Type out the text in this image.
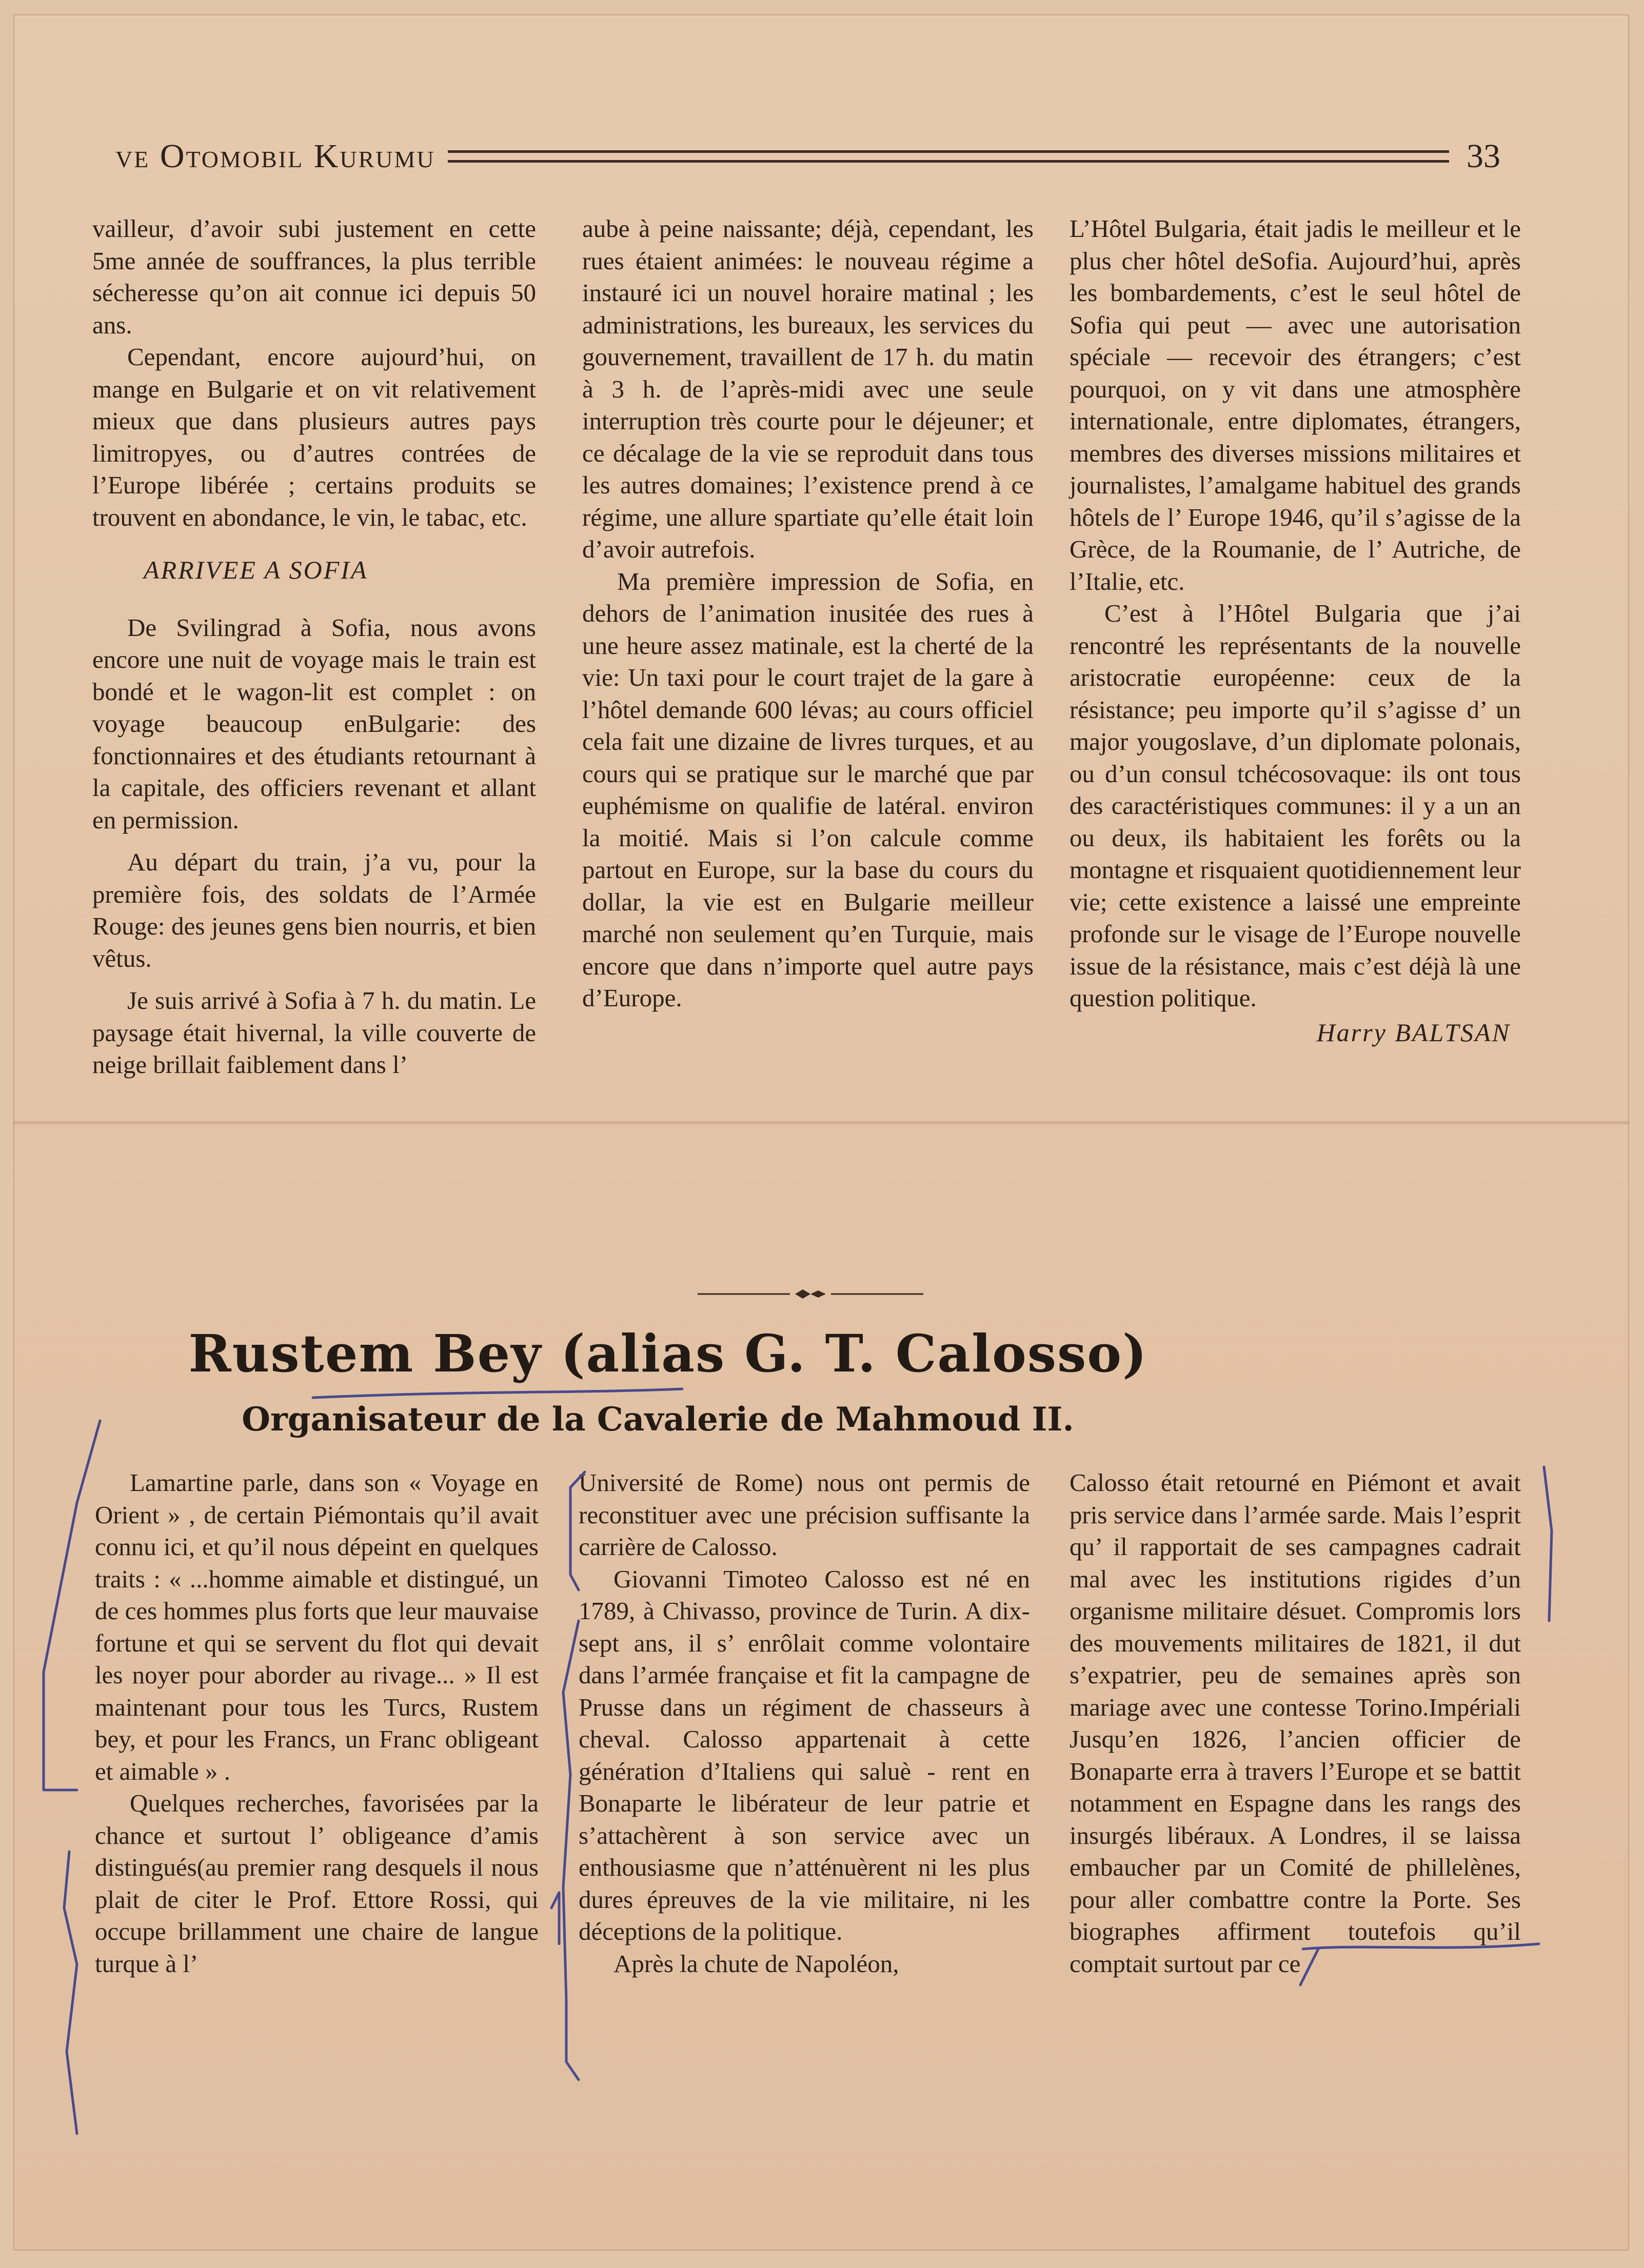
ve Otomobil Kurumu	33

vailleur, d’avoir subi justement en cette 5me année de souffrances, la plus terrible sécheresse qu’on ait connue ici depuis 50 ans.

Cependant, encore aujourd’hui, on mange en Bulgarie et on vit relativement mieux que dans plusieurs autres pays limitropyes, ou d’autres contrées de l’Europe libérée ; certains produits se trouvent en abondance, le vin, le tabac, etc.

ARRIVEE A SOFIA

De Svilingrad à Sofia, nous avons encore une nuit de voyage mais le train est bondé et le wagon-lit est complet : on voyage beaucoup enBulgarie: des fonctionnaires et des étudiants retournant à la capitale, des officiers revenant et allant en permission.

Au départ du train, j’a vu, pour la première fois, des soldats de l’Armée Rouge: des jeunes gens bien nourris, et bien vêtus.

Je suis arrivé à Sofia à 7 h. du matin. Le paysage était hivernal, la ville couverte de neige brillait faiblement dans l’

aube à peine naissante; déjà, cependant, les rues étaient animées: le nouveau régime a instauré ici un nouvel horaire matinal ; les administrations, les bureaux, les services du gouvernement, travaillent de 17 h. du matin à 3 h. de l’après-midi avec une seule interruption très courte pour le déjeuner; et ce décalage de la vie se reproduit dans tous les autres domaines; l’existence prend à ce régime, une allure spartiate qu’elle était loin d’avoir autrefois.

Ma première impression de Sofia, en dehors de l’animation inusitée des rues à une heure assez matinale, est la cherté de la vie: Un taxi pour le court trajet de la gare à l’hôtel demande 600 lévas; au cours officiel cela fait une dizaine de livres turques, et au cours qui se pratique sur le marché que par euphémisme on qualifie de latéral. environ la moitié. Mais si l’on calcule comme partout en Europe, sur la base du cours du dollar, la vie est en Bulgarie meilleur marché non seulement qu’en Turquie, mais encore que dans n’importe quel autre pays d’Europe.

L’Hôtel Bulgaria, était jadis le meilleur et le plus cher hôtel deSofia. Aujourd’hui, après les bombardements, c’est le seul hôtel de Sofia qui peut — avec une autorisation spéciale — recevoir des étrangers; c’est pourquoi, on y vit dans une atmosphère internationale, entre diplomates, étrangers, membres des diverses missions militaires et journalistes, l’amalgame habituel des grands hôtels de l’ Europe 1946, qu’il s’agisse de la Grèce, de la Roumanie, de l’ Autriche, de l’Italie, etc.

C’est à l’Hôtel Bulgaria que j’ai rencontré les représentants de la nouvelle aristocratie européenne: ceux de la résistance; peu importe qu’il s’agisse d’ un major yougoslave, d’un diplomate polonais, ou d’un consul tchécosovaque: ils ont tous des caractéristiques communes: il y a un an ou deux, ils habitaient les forêts ou la montagne et risquaient quotidiennement leur vie; cette existence a laissé une empreinte profonde sur le visage de l’Europe nouvelle issue de la résistance, mais c’est déjà là une question politique.

Harry BALTSAN

Rustem Bey (alias G. T. Calosso)
Organisateur de la Cavalerie de Mahmoud II.

Lamartine parle, dans son « Voyage en Orient » , de certain Piémontais qu’il avait connu ici, et qu’il nous dépeint en quelques traits : « ...homme aimable et distingué, un de ces hommes plus forts que leur mauvaise fortune et qui se servent du flot qui devait les noyer pour aborder au rivage... » Il est maintenant pour tous les Turcs, Rustem bey, et pour les Francs, un Franc obligeant et aimable » .

Quelques recherches, favorisées par la chance et surtout l’ obligeance d’amis distingués(au premier rang desquels il nous plait de citer le Prof. Ettore Rossi, qui occupe brillamment une chaire de langue turque à l’

Université de Rome) nous ont permis de reconstituer avec une précision suffisante la carrière de Calosso.

Giovanni Timoteo Calosso est né en 1789, à Chivasso, province de Turin. A dix-sept ans, il s’ enrôlait comme volontaire dans l’armée française et fit la campagne de Prusse dans un régiment de chasseurs à cheval. Calosso appartenait à cette génération d’Italiens qui saluè - rent en Bonaparte le libérateur de leur patrie et s’attachèrent à son service avec un enthousiasme que n’atténuèrent ni les plus dures épreuves de la vie militaire, ni les déceptions de la politique.

Après la chute de Napoléon,

Calosso était retourné en Piémont et avait pris service dans l’armée sarde. Mais l’esprit qu’ il rapportait de ses campagnes cadrait mal avec les institutions rigides d’un organisme militaire désuet. Compromis lors des mouvements militaires de 1821, il dut s’expatrier, peu de semaines après son mariage avec une contesse Torino.Impériali Jusqu’en 1826, l’ancien officier de Bonaparte erra à travers l’Europe et se battit notamment en Espagne dans les rangs des insurgés libéraux. A Londres, il se laissa embaucher par un Comité de phillelènes, pour aller combattre contre la Porte. Ses biographes affirment toutefois qu’il comptait surtout par ce
